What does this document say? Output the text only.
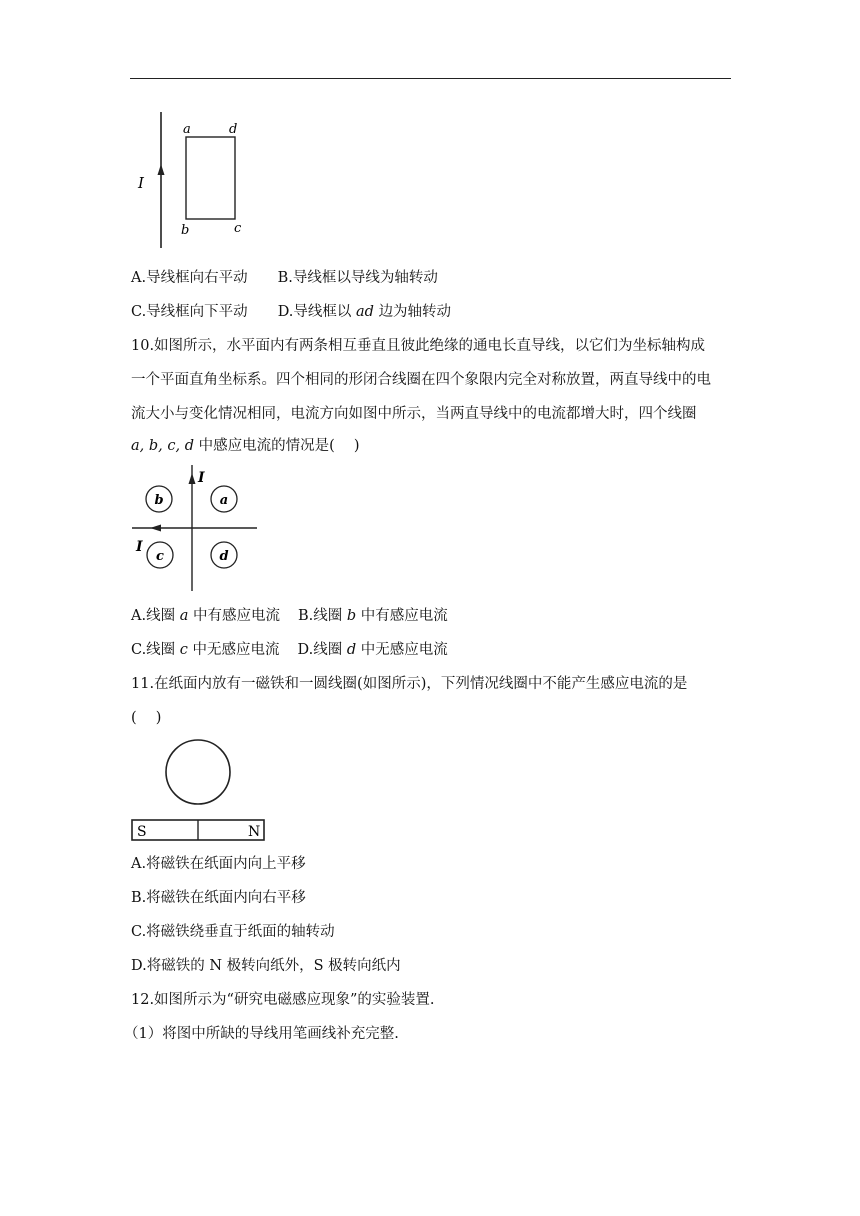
I
a	d
b	c
A.导线框向右平动 B.导线框以导线为轴转动
C.导线框向下平动 D.导线框以 ad 边为轴转动
10.如图所示，水平面内有两条相互垂直且彼此绝缘的通电长直导线，以它们为坐标轴构成
一个平面直角坐标系。四个相同的形闭合线圈在四个象限内完全对称放置，两直导线中的电
流大小与变化情况相同，电流方向如图中所示，当两直导线中的电流都增大时，四个线圈
a, b, c, d 中感应电流的情况是(  )
I
I
b	a
c	d
A.线圈 a 中有感应电流 B.线圈 b 中有感应电流
C.线圈 c 中无感应电流 D.线圈 d 中无感应电流
11.在纸面内放有一磁铁和一圆线圈(如图所示)，下列情况线圈中不能产生感应电流的是
(  )
S	N
A.将磁铁在纸面内向上平移
B.将磁铁在纸面内向右平移
C.将磁铁绕垂直于纸面的轴转动
D.将磁铁的 N 极转向纸外，S 极转向纸内
12.如图所示为“研究电磁感应现象”的实验装置.
（1）将图中所缺的导线用笔画线补充完整.
